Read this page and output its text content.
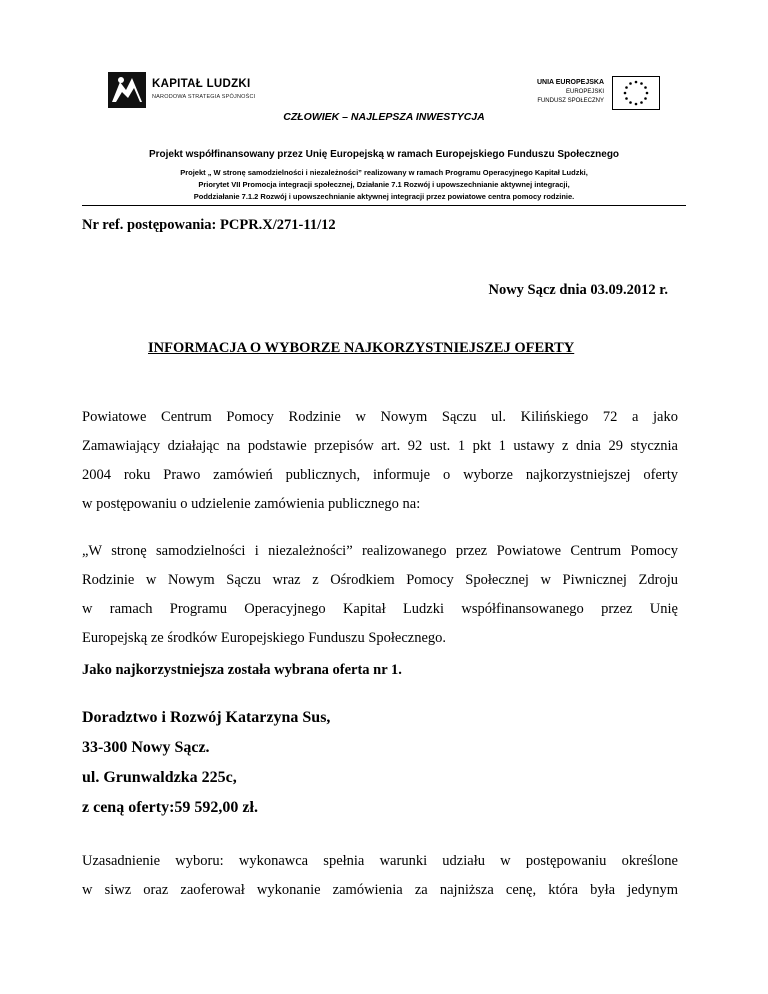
KAPITAŁ LUDZKI
NARODOWA STRATEGIA SPÓJNOŚCI
UNIA EUROPEJSKA
EUROPEJSKI
FUNDUSZ SPOŁECZNY
CZŁOWIEK – NAJLEPSZA INWESTYCJA
Projekt współfinansowany przez Unię Europejską w ramach Europejskiego Funduszu Społecznego
Projekt „ W stronę samodzielności i niezależności” realizowany w ramach Programu Operacyjnego Kapitał Ludzki,
Priorytet VII Promocja integracji społecznej, Działanie 7.1 Rozwój i upowszechnianie aktywnej integracji,
Poddziałanie 7.1.2 Rozwój i upowszechnianie aktywnej integracji przez powiatowe centra pomocy rodzinie.
Nr ref. postępowania: PCPR.X/271-11/12
Nowy Sącz dnia 03.09.2012 r.
INFORMACJA O WYBORZE NAJKORZYSTNIEJSZEJ OFERTY
Powiatowe Centrum Pomocy Rodzinie w Nowym Sączu ul. Kilińskiego 72 a jako
Zamawiający działając na podstawie przepisów art. 92 ust. 1 pkt 1 ustawy z dnia 29 stycznia
2004 roku Prawo zamówień publicznych, informuje o wyborze najkorzystniejszej oferty
w postępowaniu o udzielenie zamówienia publicznego na:
„W stronę samodzielności i niezależności” realizowanego przez Powiatowe Centrum Pomocy
Rodzinie w Nowym Sączu wraz z Ośrodkiem Pomocy Społecznej w Piwnicznej Zdroju
w ramach Programu Operacyjnego Kapitał Ludzki współfinansowanego przez Unię
Europejską ze środków Europejskiego Funduszu Społecznego.
Jako najkorzystniejsza została wybrana oferta nr 1.
Doradztwo i Rozwój Katarzyna Sus,
33-300 Nowy Sącz.
ul. Grunwaldzka 225c,
z ceną oferty:59 592,00 zł.
Uzasadnienie wyboru: wykonawca spełnia warunki udziału w postępowaniu określone
w siwz oraz zaoferował wykonanie zamówienia za najniższa cenę, która była jedynym
